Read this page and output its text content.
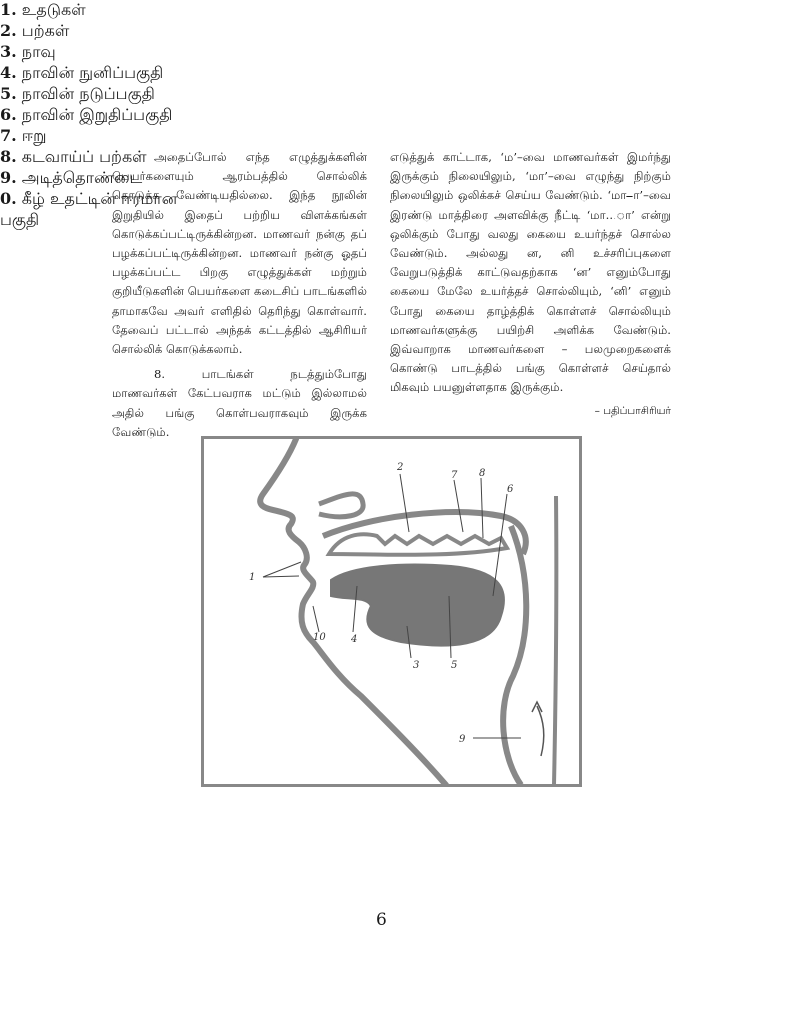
அதைப்போல் எந்த எழுத்துக்களின் பெயர்களையும் ஆரம்பத்தில் சொல்லிக் கொடுக்க வேண்டியதில்லை. இந்த நூலின் இறுதியில் இதைப் பற்றிய விளக்கங்கள் கொடுக்கப்பட்டிருக்கின்றன. மாணவர் நன்கு தப் பழக்கப்பட்டிருக்கின்றன. மாணவர் நன்கு ஓதப் பழக்கப்பட்ட பிறகு எழுத்துக்கள் மற்றும் குறியீடுகளின் பெயர்களை கடைசிப் பாடங்களில் தாமாகவே அவர் எளிதில் தெரிந்து கொள்வார். தேவைப் பட்டால் அந்தக் கட்டத்தில் ஆசிரியர் சொல்லிக் கொடுக்கலாம்.

8.	பாடங்கள் நடத்தும்போது மாணவர்கள் கேட்பவராக மட்டும் இல்லாமல் அதில் பங்கு கொள்பவராகவும் இருக்க வேண்டும்.

எடுத்துக் காட்டாக, ‘ம’–வை மாணவர்கள் இமர்ந்து இருக்கும் நிலையிலும், ‘மா’–வை எழுந்து நிற்கும் நிலையிலும் ஒலிக்கச் செய்ய வேண்டும். ‘மா–ா’–வை இரண்டு மாத்திரை அளவிக்கு நீட்டி ‘மா...ா’ என்று ஒலிக்கும் போது வலது கையை உயர்ந்தச் சொல்ல வேண்டும். அல்லது ன, னி உச்சரிப்புகளை வேறுபடுத்திக் காட்டுவதற்காக ‘ன’ எனும்போது கையை மேலே உயர்த்தச் சொல்லியும், ‘னி’ எனும் போது கையை தாழ்த்திக் கொள்ளச் சொல்லியும் மாணவர்களுக்கு பயிற்சி அளிக்க வேண்டும். இவ்வாறாக மாணவர்களை – பலமுறைகளைக் கொண்டு பாடத்தில் பங்கு கொள்ளச் செய்தால் மிகவும் பயனுள்ளதாக இருக்கும்.

– பதிப்பாசிரியர்

1
2
3
4
5
6
7 8
9
10
1. உதடுகள்
2. பற்கள்
3. நாவு
4. நாவின் நுனிப்பகுதி
5. நாவின் நடுப்பகுதி
6. நாவின் இறுதிப்பகுதி
7. ஈறு
8. கடவாய்ப் பற்கள்
9. அடித்தொண்டை
0. கீழ் உதட்டின் ஈரமான பகுதி
6
